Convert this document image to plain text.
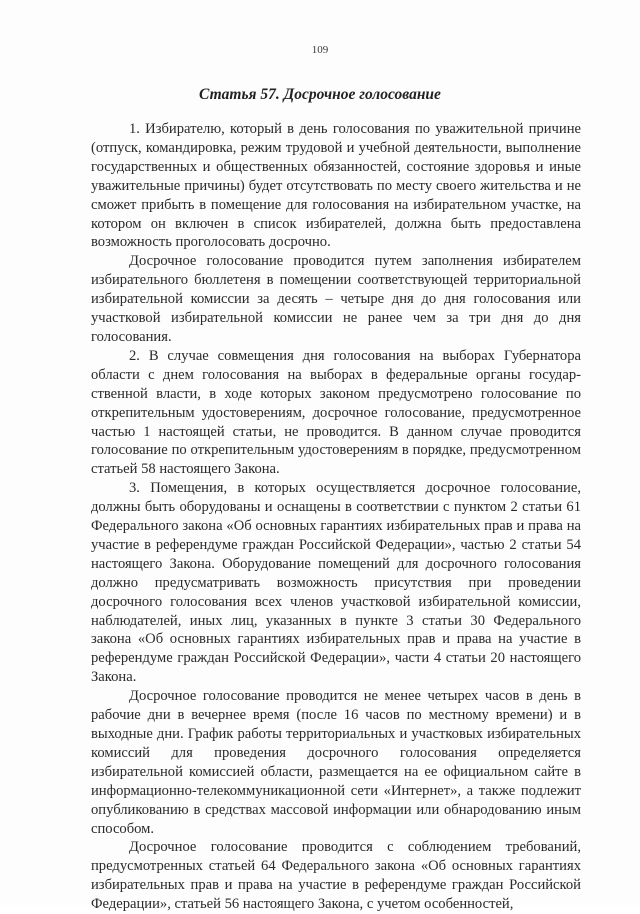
109
Статья 57. Досрочное голосование

1. Избирателю, который в день голосования по уважительной причине (отпуск, командировка, режим трудовой и учебной деятельности, выполнение государственных и общественных обязанностей, состояние здоровья и иные уважительные причины) будет отсутствовать по месту своего жительства и не сможет прибыть в помещение для голосования на избирательном участке, на котором он включен в список избирателей, должна быть предоставлена возможность проголосовать досрочно.

Досрочное голосование проводится путем заполнения избирателем избирательного бюллетеня в помещении соответствующей территориальной избирательной комиссии за десять – четыре дня до дня голосования или участковой избирательной комиссии не ранее чем за три дня до дня голосования.

2. В случае совмещения дня голосования на выборах Губернатора области с днем голосования на выборах в федеральные органы государственной власти, в ходе которых законом предусмотрено голосование по открепительным удостоверениям, досрочное голосование, предусмотренное частью 1 настоящей статьи, не проводится. В данном случае проводится голосование по открепительным удостоверениям в порядке, предусмотренном статьей 58 настоящего Закона.

3. Помещения, в которых осуществляется досрочное голосование, должны быть оборудованы и оснащены в соответствии с пунктом 2 статьи 61 Федерального закона «Об основных гарантиях избирательных прав и права на участие в референдуме граждан Российской Федерации», частью 2 статьи 54 настоящего Закона. Оборудование помещений для досрочного голосования должно предусматривать возможность присутствия при проведении досрочного голосования всех членов участковой избирательной комиссии, наблюдателей, иных лиц, указанных в пункте 3 статьи 30 Федерального закона «Об основных гарантиях избирательных прав и права на участие в референдуме граждан Российской Федерации», части 4 статьи 20 настоящего Закона.

Досрочное голосование проводится не менее четырех часов в день в рабочие дни в вечернее время (после 16 часов по местному времени) и в выходные дни. График работы территориальных и участковых избирательных комиссий для проведения досрочного голосования определяется избирательной комиссией области, размещается на ее официальном сайте в информационно-телекоммуникационной сети «Интернет», а также подлежит опубликованию в средствах массовой информации или обнародованию иным способом.

Досрочное голосование проводится с соблюдением требований, предусмотренных статьей 64 Федерального закона «Об основных гарантиях избирательных прав и права на участие в референдуме граждан Российской Федерации», статьей 56 настоящего Закона, с учетом особенностей,
